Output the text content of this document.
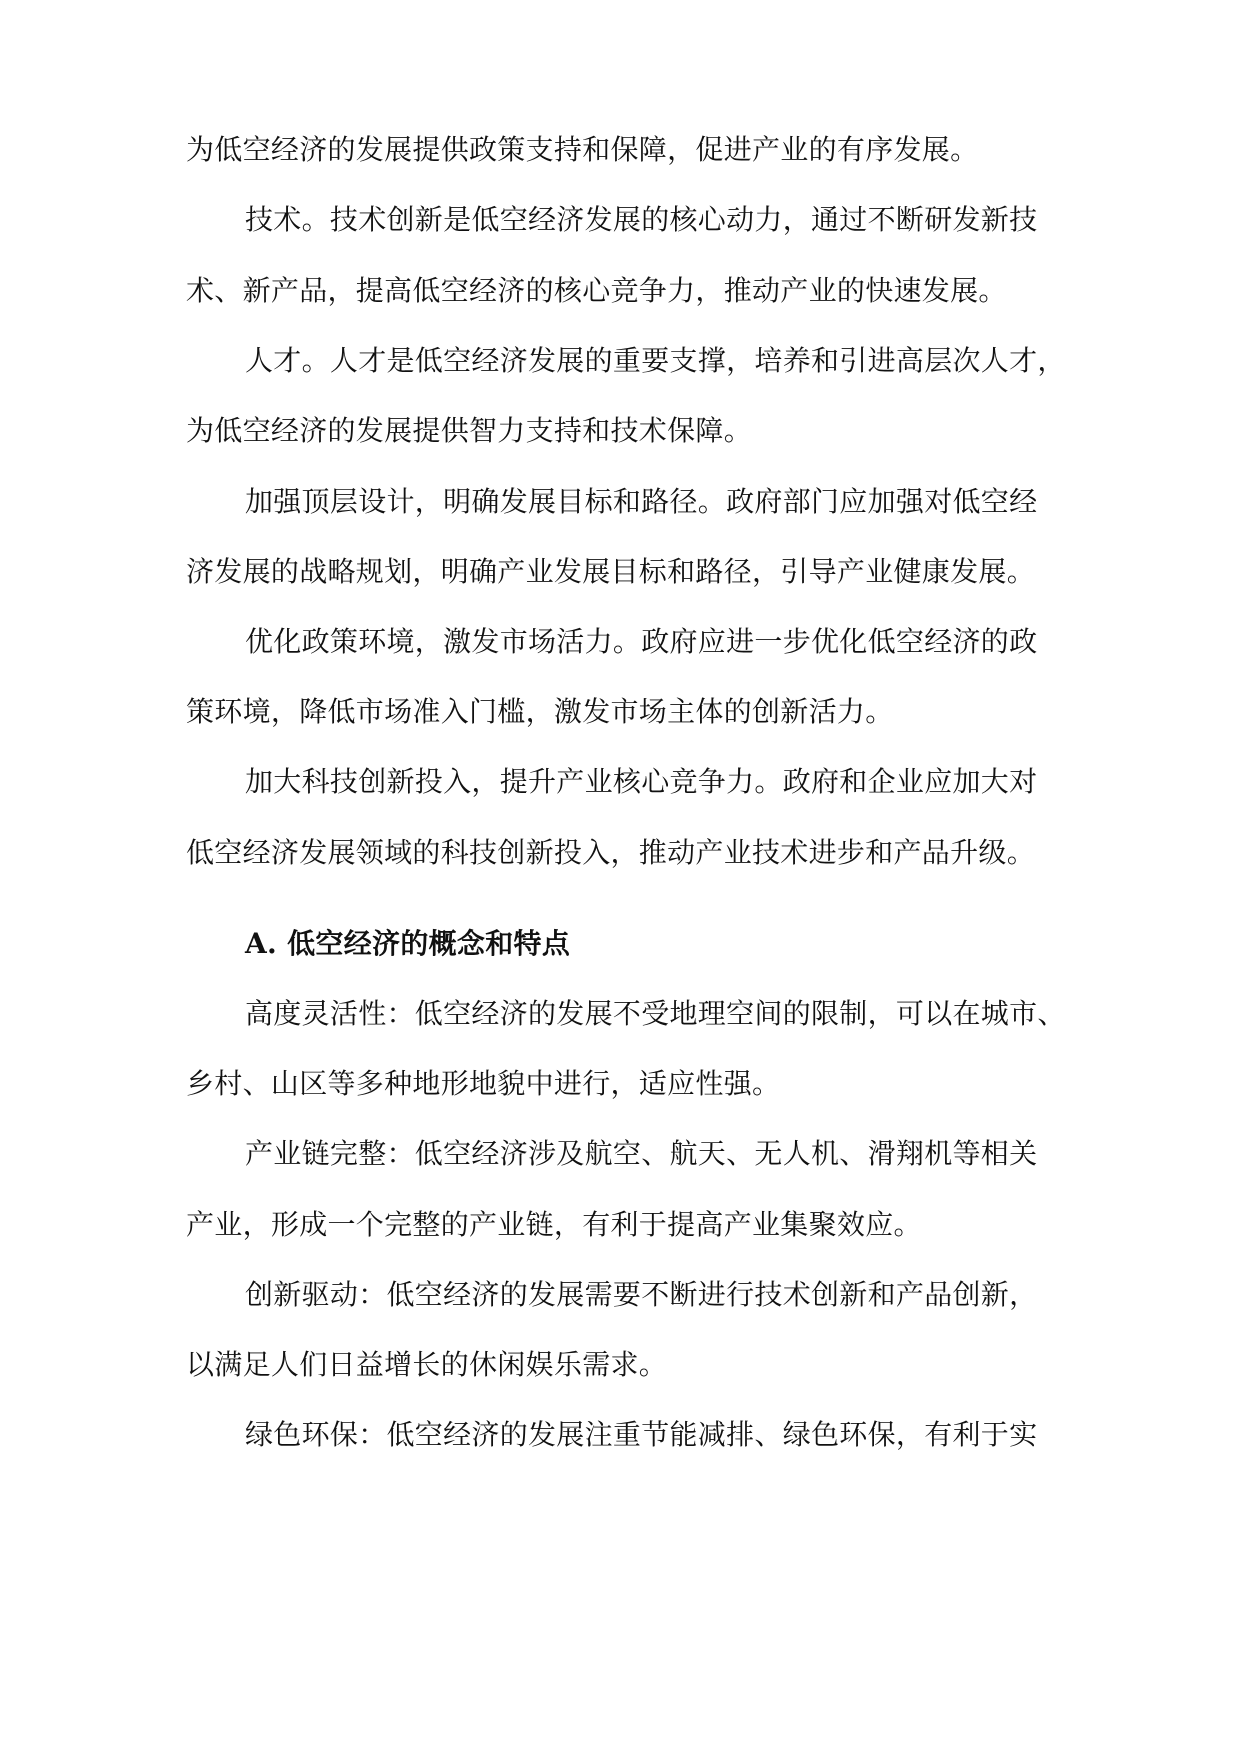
为低空经济的发展提供政策支持和保障，促进产业的有序发展。
技术。技术创新是低空经济发展的核心动力，通过不断研发新技
术、新产品，提高低空经济的核心竞争力，推动产业的快速发展。
人才。人才是低空经济发展的重要支撑，培养和引进高层次人才，
为低空经济的发展提供智力支持和技术保障。
加强顶层设计，明确发展目标和路径。政府部门应加强对低空经
济发展的战略规划，明确产业发展目标和路径，引导产业健康发展。
优化政策环境，激发市场活力。政府应进一步优化低空经济的政
策环境，降低市场准入门槛，激发市场主体的创新活力。
加大科技创新投入，提升产业核心竞争力。政府和企业应加大对
低空经济发展领域的科技创新投入，推动产业技术进步和产品升级。
A. 低空经济的概念和特点
高度灵活性：低空经济的发展不受地理空间的限制，可以在城市、
乡村、山区等多种地形地貌中进行，适应性强。
产业链完整：低空经济涉及航空、航天、无人机、滑翔机等相关
产业，形成一个完整的产业链，有利于提高产业集聚效应。
创新驱动：低空经济的发展需要不断进行技术创新和产品创新，
以满足人们日益增长的休闲娱乐需求。
绿色环保：低空经济的发展注重节能减排、绿色环保，有利于实
